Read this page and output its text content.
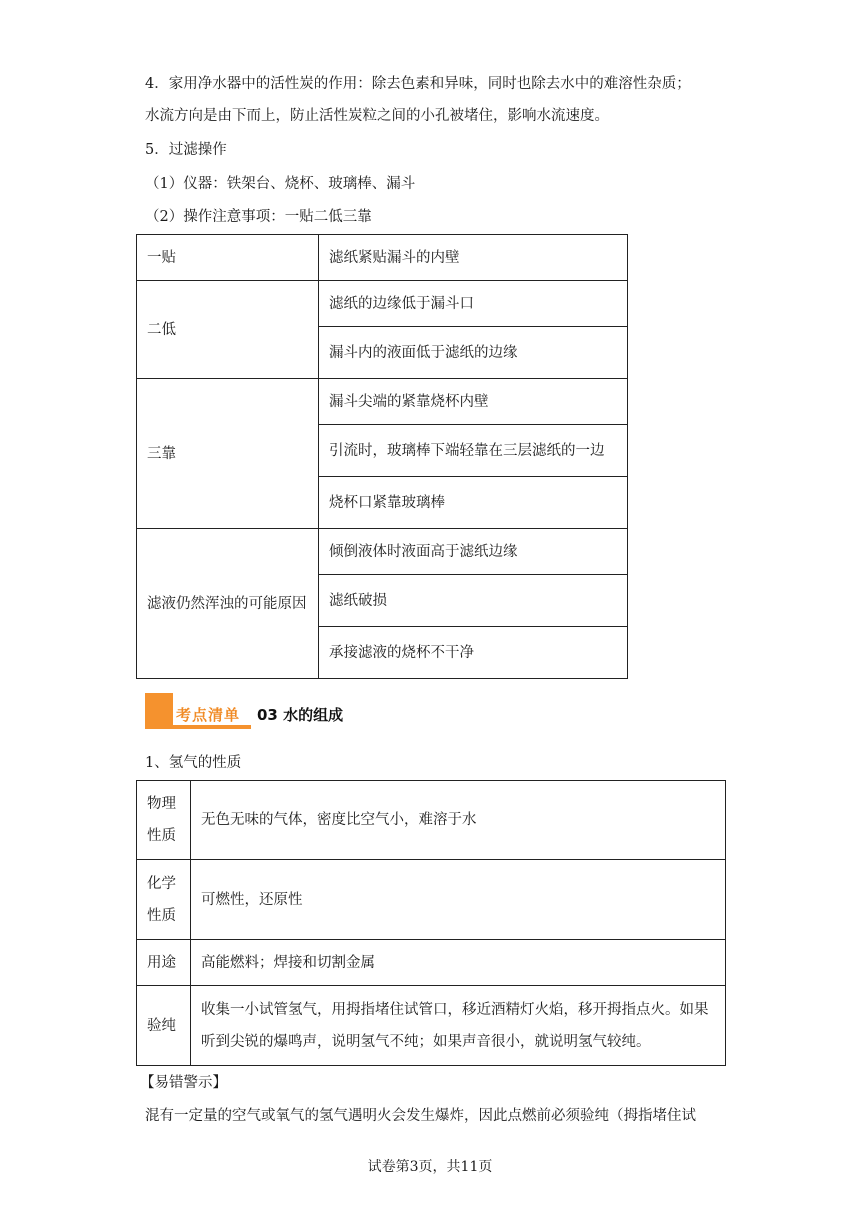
4．家用净水器中的活性炭的作用：除去色素和异味，同时也除去水中的难溶性杂质；
水流方向是由下而上，防止活性炭粒之间的小孔被堵住，影响水流速度。
5．过滤操作
（1）仪器：铁架台、烧杯、玻璃棒、漏斗
（2）操作注意事项：一贴二低三靠
一贴	滤纸紧贴漏斗的内壁
二低	滤纸的边缘低于漏斗口
	漏斗内的液面低于滤纸的边缘
三靠	漏斗尖端的紧靠烧杯内壁
	引流时，玻璃棒下端轻靠在三层滤纸的一边
	烧杯口紧靠玻璃棒
滤液仍然浑浊的可能原因	倾倒液体时液面高于滤纸边缘
	滤纸破损
	承接滤液的烧杯不干净
考点清单 03 水的组成
1、氢气的性质
物理性质	无色无味的气体，密度比空气小，难溶于水
化学性质	可燃性，还原性
用途	高能燃料；焊接和切割金属
验纯	收集一小试管氢气，用拇指堵住试管口，移近酒精灯火焰，移开拇指点火。如果听到尖锐的爆鸣声，说明氢气不纯；如果声音很小，就说明氢气较纯。
【易错警示】
混有一定量的空气或氧气的氢气遇明火会发生爆炸，因此点燃前必须验纯（拇指堵住试
试卷第3页，共11页
